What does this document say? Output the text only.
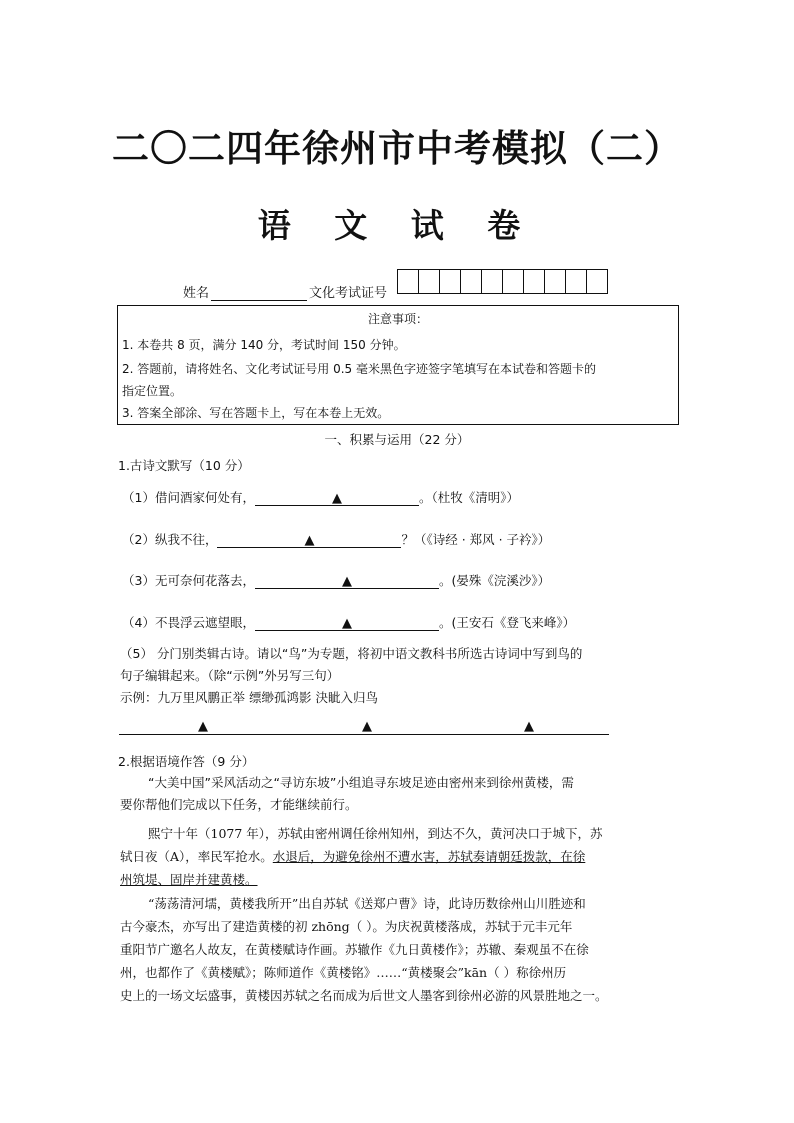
二〇二四年徐州市中考模拟（二）
语 文 试 卷
姓名	文化考试证号
注意事项：
1. 本卷共 8 页，满分 140 分，考试时间 150 分钟。
2. 答题前，请将姓名、文化考试证号用 0.5 毫米黑色字迹签字笔填写在本试卷和答题卡的
指定位置。
3. 答案全部涂、写在答题卡上，写在本卷上无效。
一、积累与运用（22 分）
1.古诗文默写（10 分）
（1）借问酒家何处有，	▲	。（杜牧《清明》）
（2）纵我不往，	▲	？（《诗经 · 郑风 · 子衿》）
（3）无可奈何花落去，	▲	。(晏殊《浣溪沙》）
（4）不畏浮云遮望眼，	▲	。(王安石《登飞来峰》）
（5） 分门别类辑古诗。请以“鸟”为专题，将初中语文教科书所选古诗词中写到鸟的
句子编辑起来。（除“示例”外另写三句）
示例：九万里风鹏正举 缥缈孤鸿影 決眦入归鸟
▲	▲	▲
2.根据语境作答（9 分）
“大美中国”采风活动之“寻访东坡”小组追寻东坡足迹由密州来到徐州黄楼，需
要你帮他们完成以下任务，才能继续前行。
熙宁十年（1077 年），苏轼由密州调任徐州知州，到达不久，黄河决口于城下，苏
轼日夜（A），率民军抢水。水退后，为避免徐州不遭水害，苏轼奏请朝廷拨款，在徐
州筑堤、固岸并建黄楼。
“荡荡清河壖，黄楼我所开”出自苏轼《送郑户曹》诗，此诗历数徐州山川胜迹和
古今豪杰，亦写出了建造黄楼的初 zhōng（ ）。为庆祝黄楼落成，苏轼于元丰元年
重阳节广邀名人故友，在黄楼赋诗作画。苏辙作《九日黄楼作》；苏辙、秦观虽不在徐
州，也都作了《黄楼赋》；陈师道作《黄楼铭》……“黄楼聚会”kān（ ）称徐州历
史上的一场文坛盛事，黄楼因苏轼之名而成为后世文人墨客到徐州必游的风景胜地之一。
